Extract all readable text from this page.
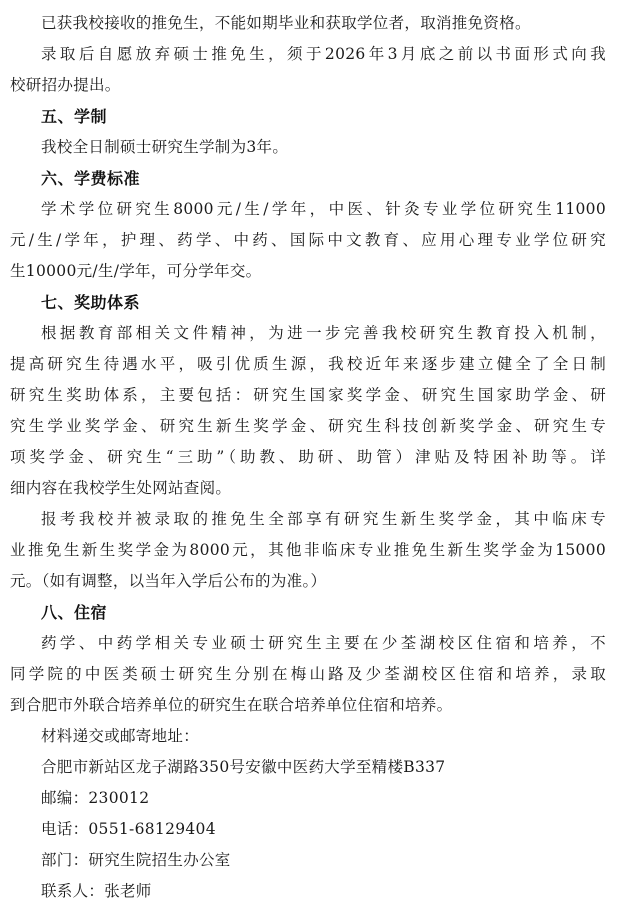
已获我校接收的推免生，不能如期毕业和获取学位者，取消推免资格。
录取后自愿放弃硕士推免生，须于2026年3月底之前以书面形式向我
校研招办提出。
五、学制
我校全日制硕士研究生学制为3年。
六、学费标准
学术学位研究生8000元/生/学年，中医、针灸专业学位研究生11000
元/生/学年，护理、药学、中药、国际中文教育、应用心理专业学位研究
生10000元/生/学年，可分学年交。
七、奖助体系
根据教育部相关文件精神，为进一步完善我校研究生教育投入机制，
提高研究生待遇水平，吸引优质生源，我校近年来逐步建立健全了全日制
研究生奖助体系，主要包括：研究生国家奖学金、研究生国家助学金、研
究生学业奖学金、研究生新生奖学金、研究生科技创新奖学金、研究生专
项奖学金、研究生“三助”（助教、助研、助管）津贴及特困补助等。详
细内容在我校学生处网站查阅。
报考我校并被录取的推免生全部享有研究生新生奖学金，其中临床专
业推免生新生奖学金为8000元，其他非临床专业推免生新生奖学金为15000
元。（如有调整，以当年入学后公布的为准。）
八、住宿
药学、中药学相关专业硕士研究生主要在少荃湖校区住宿和培养，不
同学院的中医类硕士研究生分别在梅山路及少荃湖校区住宿和培养，录取
到合肥市外联合培养单位的研究生在联合培养单位住宿和培养。
材料递交或邮寄地址：
合肥市新站区龙子湖路350号安徽中医药大学至精楼B337
邮编：230012
电话：0551-68129404
部门：研究生院招生办公室
联系人：张老师
